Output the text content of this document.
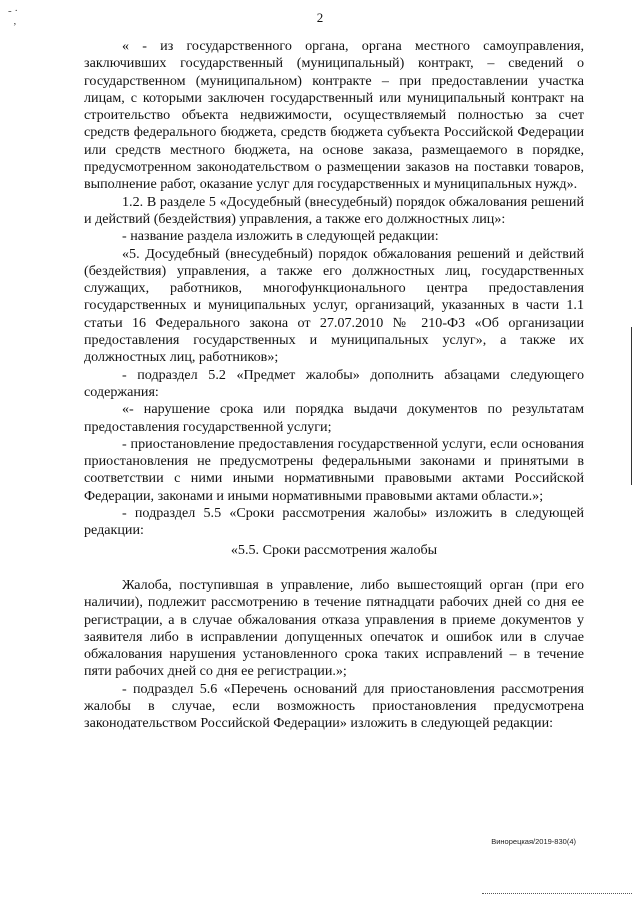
- ·
,	2

« - из государственного органа, органа местного самоуправления, заключивших государственный (муниципальный) контракт, – сведений о государственном (муниципальном) контракте – при предоставлении участка лицам, с которыми заключен государственный или муниципальный контракт на строительство объекта недвижимости, осуществляемый полностью за счет средств федерального бюджета, средств бюджета субъекта Российской Федерации или средств местного бюджета, на основе заказа, размещаемого в порядке, предусмотренном законодательством о размещении заказов на поставки товаров, выполнение работ, оказание услуг для государственных и муниципальных нужд».

1.2. В разделе 5 «Досудебный (внесудебный) порядок обжалования решений и действий (бездействия) управления, а также его должностных лиц»:

- название раздела изложить в следующей редакции:

«5. Досудебный (внесудебный) порядок обжалования решений и действий (бездействия) управления, а также его должностных лиц, государственных служащих, работников, многофункционального центра предоставления государственных и муниципальных услуг, организаций, указанных в части 1.1 статьи 16 Федерального закона от 27.07.2010 № 210-ФЗ «Об организации предоставления государственных и муниципальных услуг», а также их должностных лиц, работников»;

- подраздел 5.2 «Предмет жалобы» дополнить абзацами следующего содержания:

«- нарушение срока или порядка выдачи документов по результатам предоставления государственной услуги;

- приостановление предоставления государственной услуги, если основания приостановления не предусмотрены федеральными законами и принятыми в соответствии с ними иными нормативными правовыми актами Российской Федерации, законами и иными нормативными правовыми актами области.»;

- подраздел 5.5 «Сроки рассмотрения жалобы» изложить в следующей редакции:

«5.5. Сроки рассмотрения жалобы

Жалоба, поступившая в управление, либо вышестоящий орган (при его наличии), подлежит рассмотрению в течение пятнадцати рабочих дней со дня ее регистрации, а в случае обжалования отказа управления в приеме документов у заявителя либо в исправлении допущенных опечаток и ошибок или в случае обжалования нарушения установленного срока таких исправлений – в течение пяти рабочих дней со дня ее регистрации.»;

- подраздел 5.6 «Перечень оснований для приостановления рассмотрения жалобы в случае, если возможность приостановления предусмотрена законодательством Российской Федерации» изложить в следующей редакции:

Винорецкая/2019-830(4)
